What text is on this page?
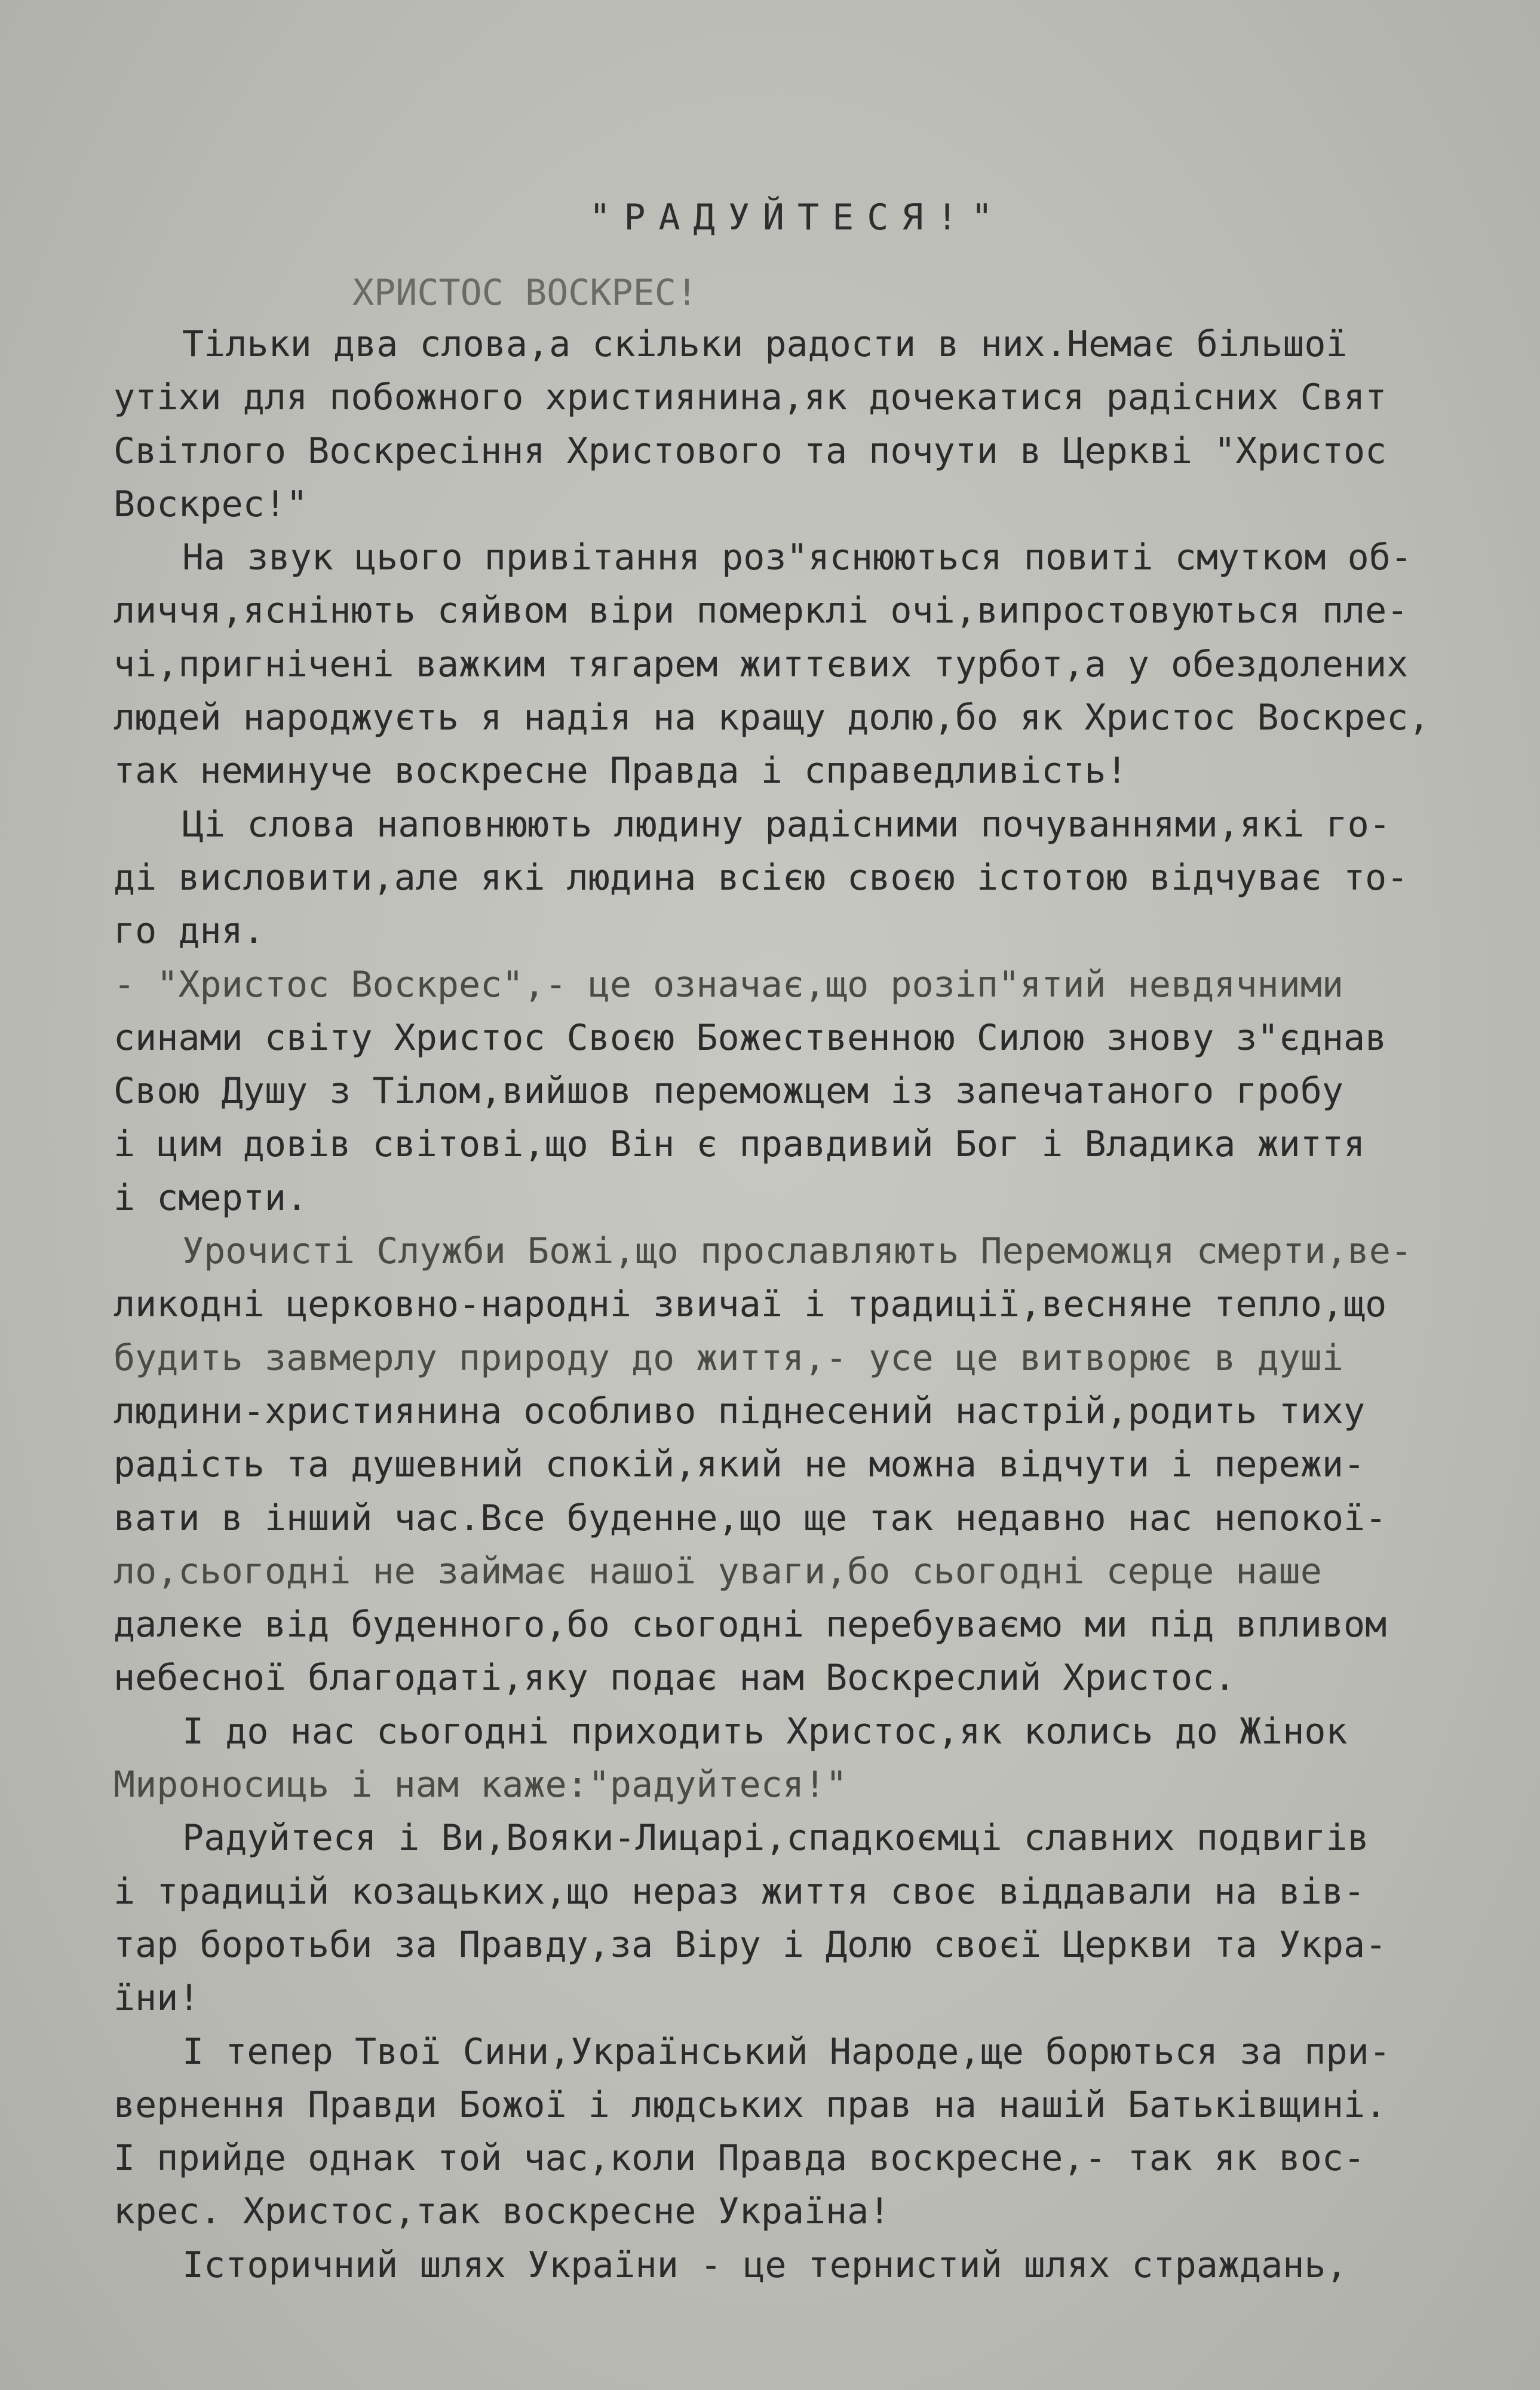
"РАДУЙТЕСЯ!"
ХРИСТОС ВОСКРЕС!
Тільки два слова,а скільки радости в них.Немає більшої
утіхи для побожного християнина,як дочекатися радісних Свят
Світлого Воскресіння Христового та почути в Церкві "Христос
Воскрес!"
На звук цього привітання роз"яснюються повиті смутком об-
личчя,яснінють сяйвом віри померклі очі,випростовуються пле-
чі,пригнічені важким тягарем життєвих турбот,а у обездолених
людей народжуєть я надія на кращу долю,бо як Христос Воскрес,
так неминуче воскресне Правда і справедливість!
Ці слова наповнюють людину радісними почуваннями,які го-
ді висловити,але які людина всією своєю істотою відчуває то-
го дня.
- "Христос Воскрес",- це означає,що розіп"ятий невдячними
синами світу Христос Своєю Божественною Силою знову з"єднав
Свою Душу з Тілом,вийшов переможцем із запечатаного гробу
і цим довів світові,що Він є правдивий Бог і Владика життя
і смерти.
Урочисті Служби Божі,що прославляють Переможця смерти,ве-
ликодні церковно-народні звичаї і традиції,весняне тепло,що
будить завмерлу природу до життя,- усе це витворює в душі
людини-християнина особливо піднесений настрій,родить тиху
радість та душевний спокій,який не можна відчути і пережи-
вати в інший час.Все буденне,що ще так недавно нас непокої-
ло,сьогодні не займає нашої уваги,бо сьогодні серце наше
далеке від буденного,бо сьогодні перебуваємо ми під впливом
небесної благодаті,яку подає нам Воскреслий Христос.
І до нас сьогодні приходить Христос,як колись до Жінок
Мироносиць і нам каже:"радуйтеся!"
Радуйтеся і Ви,Вояки-Лицарі,спадкоємці славних подвигів
і традицій козацьких,що нераз життя своє віддавали на вів-
тар боротьби за Правду,за Віру і Долю своєї Церкви та Укра-
їни!
І тепер Твої Сини,Український Народе,ще борються за при-
вернення Правди Божої і людських прав на нашій Батьківщині.
І прийде однак той час,коли Правда воскресне,- так як вос-
крес. Христос,так воскресне Україна!
Історичний шлях України - це тернистий шлях страждань,
